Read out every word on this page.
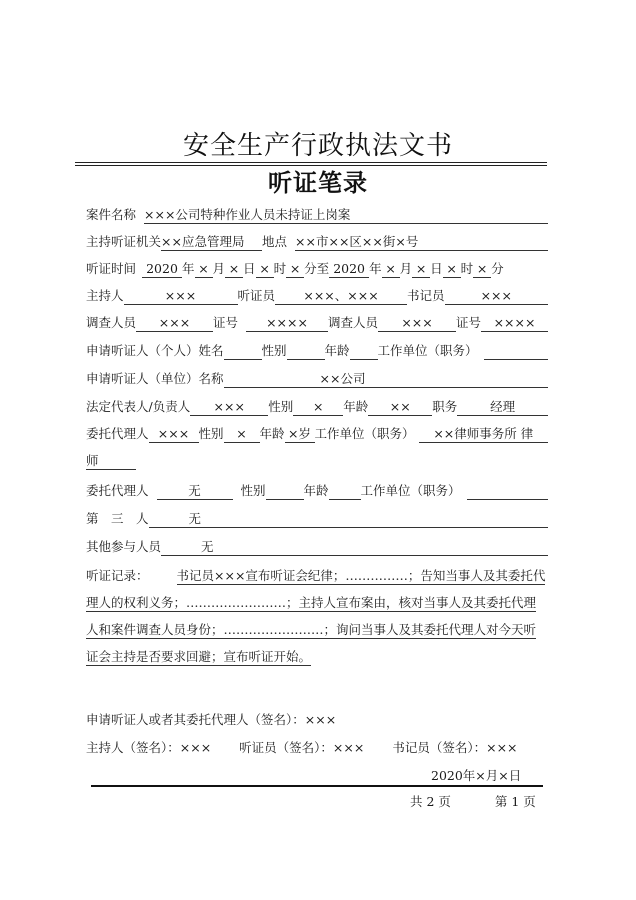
安全生产行政执法文书
听证笔录
案件名称 ×××公司特种作业人员未持证上岗案
主持听证机关 ××应急管理局	地点 ××市××区××街×号
听证时间 2020 年 × 月 × 日 × 时 × 分至 2020 年 × 月 × 日 × 时 × 分
主持人	×××	听证员	×××、×××	书记员	×××
调查人员	×××	证号	××××	调查人员	×××	证号	××××
申请听证人（个人）姓名	性别	年龄 工作单位（职务）
申请听证人（单位）名称	××公司
法定代表人/负责人	×××	性别	×	年龄	××	职务	经理
委托代理人 ××× 性别	×	年龄 ×岁 工作单位（职务）	××律师事务所 律
师
委托代理人	无	性别	年龄	工作单位（职务）
第　三　人	无
其他参与人员	无
听证记录： 书记员×××宣布听证会纪律；……………；告知当事人及其委托代理人的权利义务；……………………；主持人宣布案由，核对当事人及其委托代理人和案件调查人员身份；……………………；询问当事人及其委托代理人对今天听证会主持是否要求回避；宣布听证开始。
申请听证人或者其委托代理人（签名）：×××
主持人（签名）：××× 听证员（签名）：××× 书记员（签名）：×××
2020年×月×日
共 2 页	第 1 页
